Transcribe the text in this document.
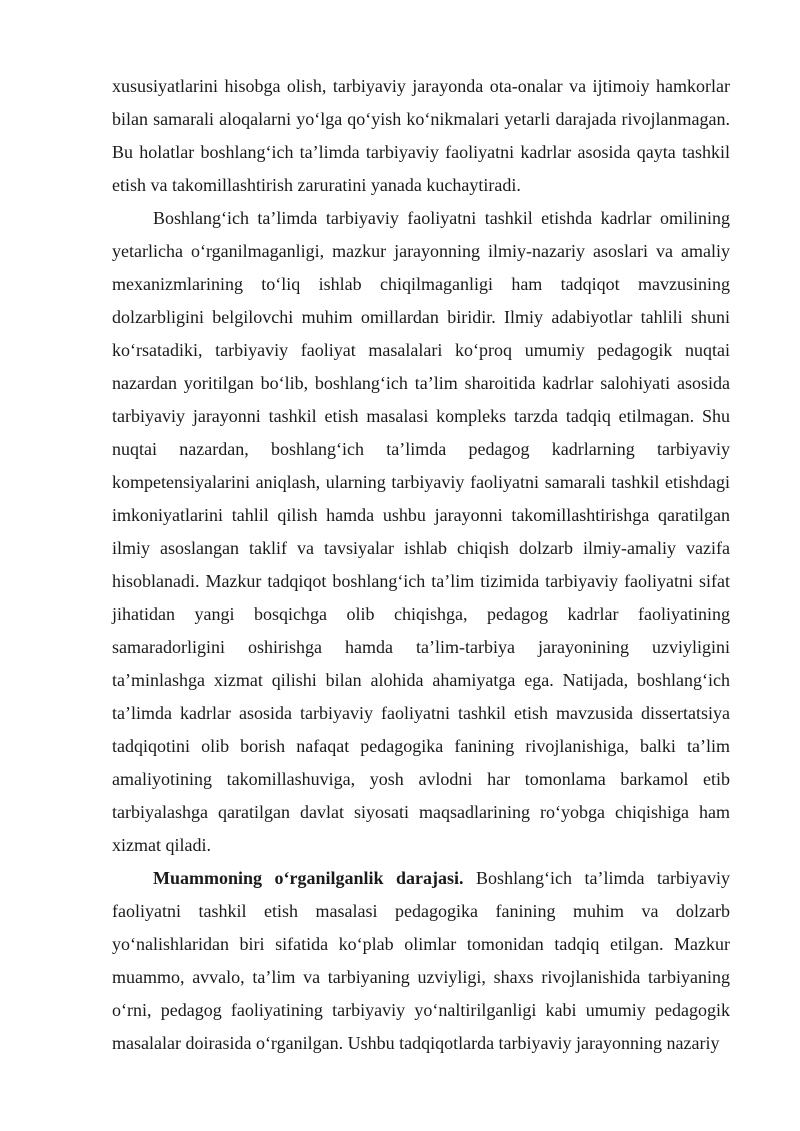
xususiyatlarini hisobga olish, tarbiyaviy jarayonda ota-onalar va ijtimoiy hamkorlar bilan samarali aloqalarni yo‘lga qo‘yish ko‘nikmalari yetarli darajada rivojlanmagan. Bu holatlar boshlang‘ich ta’limda tarbiyaviy faoliyatni kadrlar asosida qayta tashkil etish va takomillashtirish zaruratini yanada kuchaytiradi.

Boshlang‘ich ta’limda tarbiyaviy faoliyatni tashkil etishda kadrlar omilining yetarlicha o‘rganilmaganligi, mazkur jarayonning ilmiy-nazariy asoslari va amaliy mexanizmlarining to‘liq ishlab chiqilmaganligi ham tadqiqot mavzusining dolzarbligini belgilovchi muhim omillardan biridir. Ilmiy adabiyotlar tahlili shuni ko‘rsatadiki, tarbiyaviy faoliyat masalalari ko‘proq umumiy pedagogik nuqtai nazardan yoritilgan bo‘lib, boshlang‘ich ta’lim sharoitida kadrlar salohiyati asosida tarbiyaviy jarayonni tashkil etish masalasi kompleks tarzda tadqiq etilmagan. Shu nuqtai nazardan, boshlang‘ich ta’limda pedagog kadrlarning tarbiyaviy kompetensiyalarini aniqlash, ularning tarbiyaviy faoliyatni samarali tashkil etishdagi imkoniyatlarini tahlil qilish hamda ushbu jarayonni takomillashtirishga qaratilgan ilmiy asoslangan taklif va tavsiyalar ishlab chiqish dolzarb ilmiy-amaliy vazifa hisoblanadi. Mazkur tadqiqot boshlang‘ich ta’lim tizimida tarbiyaviy faoliyatni sifat jihatidan yangi bosqichga olib chiqishga, pedagog kadrlar faoliyatining samaradorligini oshirishga hamda ta’lim-tarbiya jarayonining uzviyligini ta’minlashga xizmat qilishi bilan alohida ahamiyatga ega. Natijada, boshlang‘ich ta’limda kadrlar asosida tarbiyaviy faoliyatni tashkil etish mavzusida dissertatsiya tadqiqotini olib borish nafaqat pedagogika fanining rivojlanishiga, balki ta’lim amaliyotining takomillashuviga, yosh avlodni har tomonlama barkamol etib tarbiyalashga qaratilgan davlat siyosati maqsadlarining ro‘yobga chiqishiga ham xizmat qiladi.

Muammoning o‘rganilganlik darajasi. Boshlang‘ich ta’limda tarbiyaviy faoliyatni tashkil etish masalasi pedagogika fanining muhim va dolzarb yo‘nalishlaridan biri sifatida ko‘plab olimlar tomonidan tadqiq etilgan. Mazkur muammo, avvalo, ta’lim va tarbiyaning uzviyligi, shaxs rivojlanishida tarbiyaning o‘rni, pedagog faoliyatining tarbiyaviy yo‘naltirilganligi kabi umumiy pedagogik masalalar doirasida o‘rganilgan. Ushbu tadqiqotlarda tarbiyaviy jarayonning nazariy
